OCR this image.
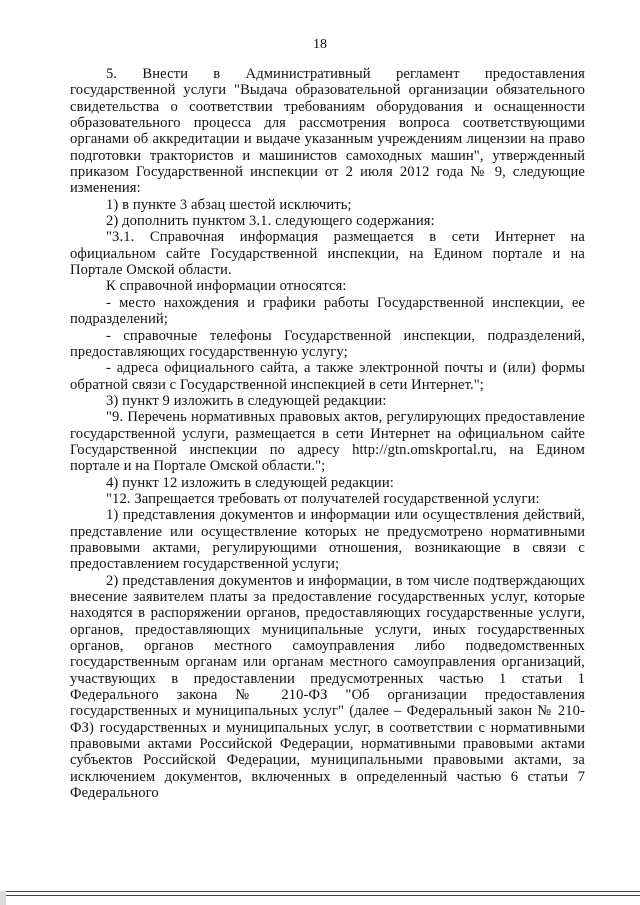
18

5. Внести в Административный регламент предоставления государственной услуги "Выдача образовательной организации обязательного свидетельства о соответствии требованиям оборудования и оснащенности образовательного процесса для рассмотрения вопроса соответствующими органами об аккредитации и выдаче указанным учреждениям лицензии на право подготовки трактористов и машинистов самоходных машин", утвержденный приказом Государственной инспекции от 2 июля 2012 года № 9, следующие изменения:

1) в пункте 3 абзац шестой исключить;

2) дополнить пунктом 3.1. следующего содержания:

"3.1. Справочная информация размещается в сети Интернет на официальном сайте Государственной инспекции, на Едином портале и на Портале Омской области.

К справочной информации относятся:

- место нахождения и графики работы Государственной инспекции, ее подразделений;

- справочные телефоны Государственной инспекции, подразделений, предоставляющих государственную услугу;

- адреса официального сайта, а также электронной почты и (или) формы обратной связи с Государственной инспекцией в сети Интернет.";

3) пункт 9 изложить в следующей редакции:

"9. Перечень нормативных правовых актов, регулирующих предоставление государственной услуги, размещается в сети Интернет на официальном сайте Государственной инспекции по адресу http://gtn.omskportal.ru, на Едином портале и на Портале Омской области.";

4) пункт 12 изложить в следующей редакции:

"12. Запрещается требовать от получателей государственной услуги:

1) представления документов и информации или осуществления действий, представление или осуществление которых не предусмотрено нормативными правовыми актами, регулирующими отношения, возникающие в связи с предоставлением государственной услуги;

2) представления документов и информации, в том числе подтверждающих внесение заявителем платы за предоставление государственных услуг, которые находятся в распоряжении органов, предоставляющих государственные услуги, органов, предоставляющих муниципальные услуги, иных государственных органов, органов местного самоуправления либо подведомственных государственным органам или органам местного самоуправления организаций, участвующих в предоставлении предусмотренных частью 1 статьи 1 Федерального закона № 210-ФЗ "Об организации предоставления государственных и муниципальных услуг" (далее – Федеральный закон № 210-ФЗ) государственных и муниципальных услуг, в соответствии с нормативными правовыми актами Российской Федерации, нормативными правовыми актами субъектов Российской Федерации, муниципальными правовыми актами, за исключением документов, включенных в определенный частью 6 статьи 7 Федерального
